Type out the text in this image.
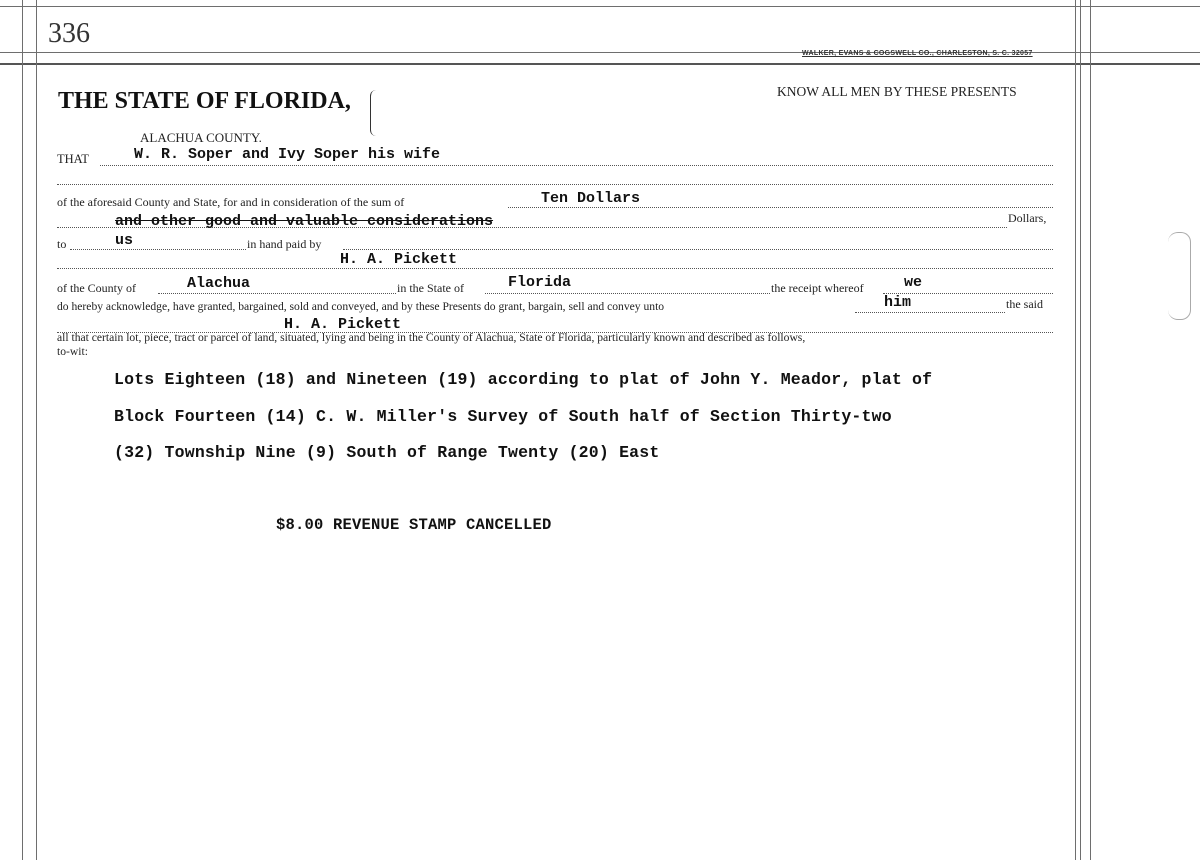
336
WALKER, EVANS & COGSWELL CO., CHARLESTON, S. C. 32057
THE STATE OF FLORIDA,
ALACHUA COUNTY.
KNOW ALL MEN BY THESE PRESENTS
THAT	W. R. Soper and Ivy Soper his wife
of the aforesaid County and State, for and in consideration of the sum of	Ten Dollars
and other good and valuable considerations	Dollars,
to	us	in hand paid by
H. A. Pickett
of the County of	Alachua	in the State of	Florida	the receipt whereof	we
do hereby acknowledge, have granted, bargained, sold and conveyed, and by these Presents do grant, bargain, sell and convey unto	him	the said
H. A. Pickett
all that certain lot, piece, tract or parcel of land, situated, lying and being in the County of Alachua, State of Florida, particularly known and described as follows,
to-wit:
Lots Eighteen (18) and Nineteen (19) according to plat of John Y. Meador, plat of
Block Fourteen (14) C. W. Miller's Survey of South half of Section Thirty-two
(32) Township Nine (9) South of Range Twenty (20) East
$8.00 REVENUE STAMP CANCELLED
